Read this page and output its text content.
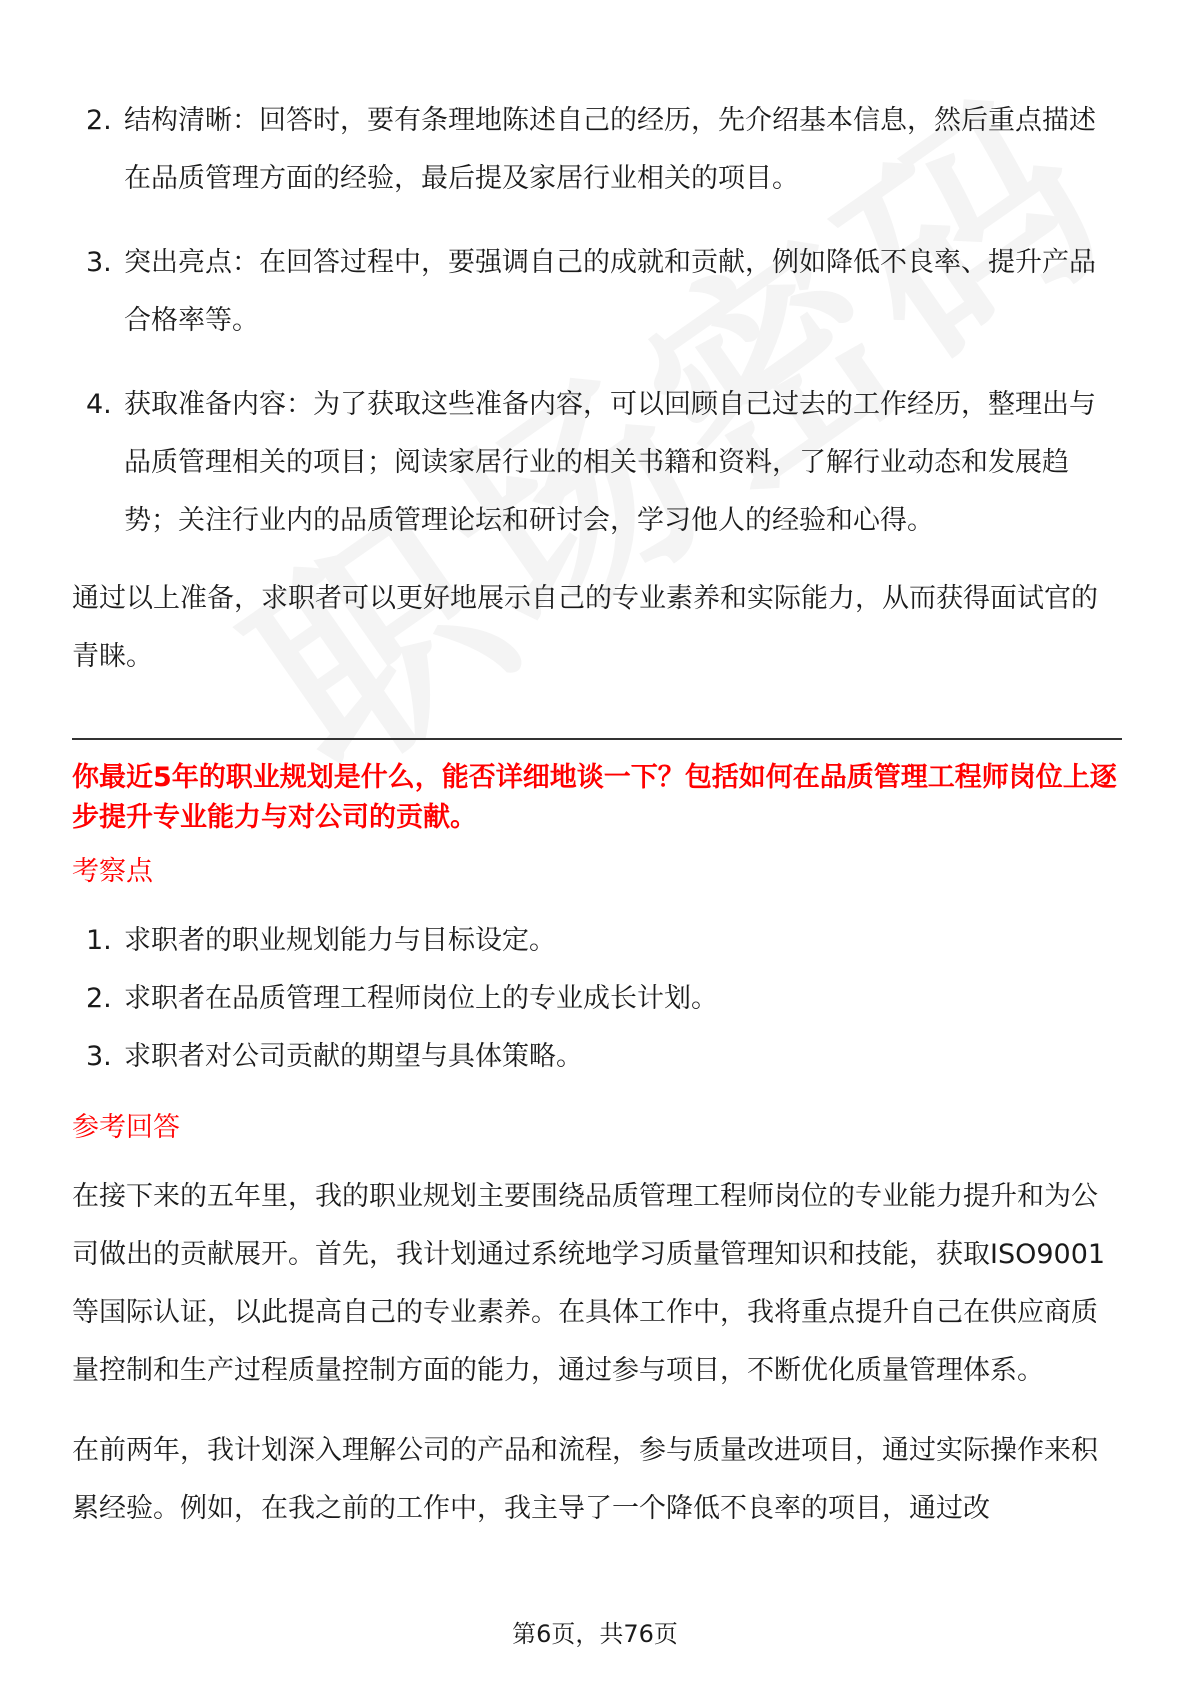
2. 结构清晰：回答时，要有条理地陈述自己的经历，先介绍基本信息，然后重点描述在品质管理方面的经验，最后提及家居行业相关的项目。
3. 突出亮点：在回答过程中，要强调自己的成就和贡献，例如降低不良率、提升产品合格率等。
4. 获取准备内容：为了获取这些准备内容，可以回顾自己过去的工作经历，整理出与品质管理相关的项目；阅读家居行业的相关书籍和资料，了解行业动态和发展趋势；关注行业内的品质管理论坛和研讨会，学习他人的经验和心得。

通过以上准备，求职者可以更好地展示自己的专业素养和实际能力，从而获得面试官的青睐。

你最近5年的职业规划是什么，能否详细地谈一下？包括如何在品质管理工程师岗位上逐步提升专业能力与对公司的贡献。

考察点
1. 求职者的职业规划能力与目标设定。
2. 求职者在品质管理工程师岗位上的专业成长计划。
3. 求职者对公司贡献的期望与具体策略。
参考回答

在接下来的五年里，我的职业规划主要围绕品质管理工程师岗位的专业能力提升和为公司做出的贡献展开。首先，我计划通过系统地学习质量管理知识和技能，获取ISO9001等国际认证，以此提高自己的专业素养。在具体工作中，我将重点提升自己在供应商质量控制和生产过程质量控制方面的能力，通过参与项目，不断优化质量管理体系。

在前两年，我计划深入理解公司的产品和流程，参与质量改进项目，通过实际操作来积累经验。例如，在我之前的工作中，我主导了一个降低不良率的项目，通过改

第6页，共76页
